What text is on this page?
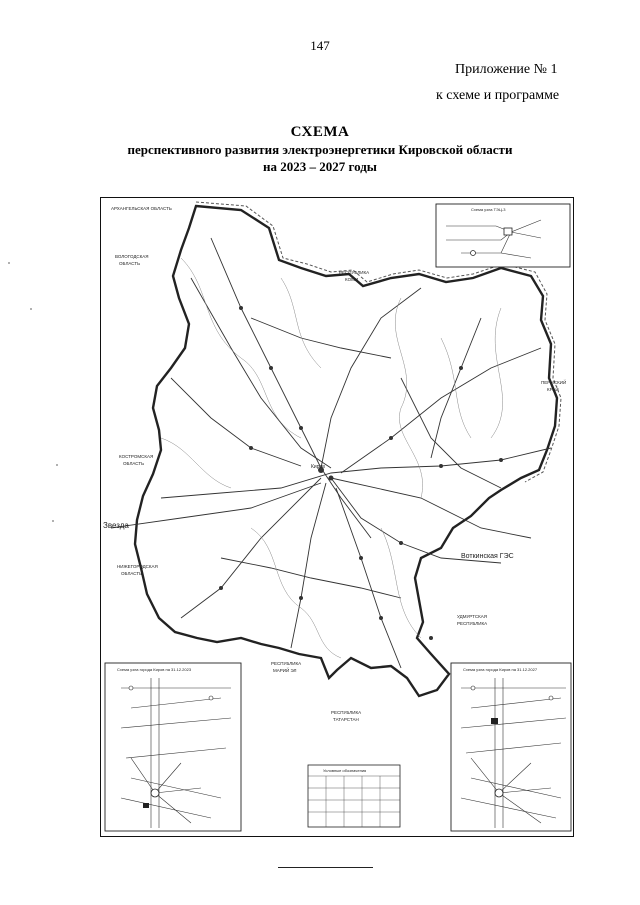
147
Приложение № 1
к схеме и программе
СХЕМА
перспективного развития электроэнергетики Кировской области
на 2023 – 2027 годы
АРХАНГЕЛЬСКАЯ ОБЛАСТЬ
ВОЛОГОДСКАЯ
ОБЛАСТЬ
РЕСПУБЛИКА
КОМИ
ПЕРМСКИЙ
КРАЙ
КОСТРОМСКАЯ
ОБЛАСТЬ
НИЖЕГОРОДСКАЯ
ОБЛАСТЬ
УДМУРТСКАЯ
РЕСПУБЛИКА
РЕСПУБЛИКА
МАРИЙ ЭЛ
РЕСПУБЛИКА
ТАТАРСТАН
Киров
Звезда
Воткинская ГЭС
Схема узла ТЭЦ-3
Схема узла города Киров на 31.12.2023	Схема узла города Киров на 31.12.2027
Условные обозначения
